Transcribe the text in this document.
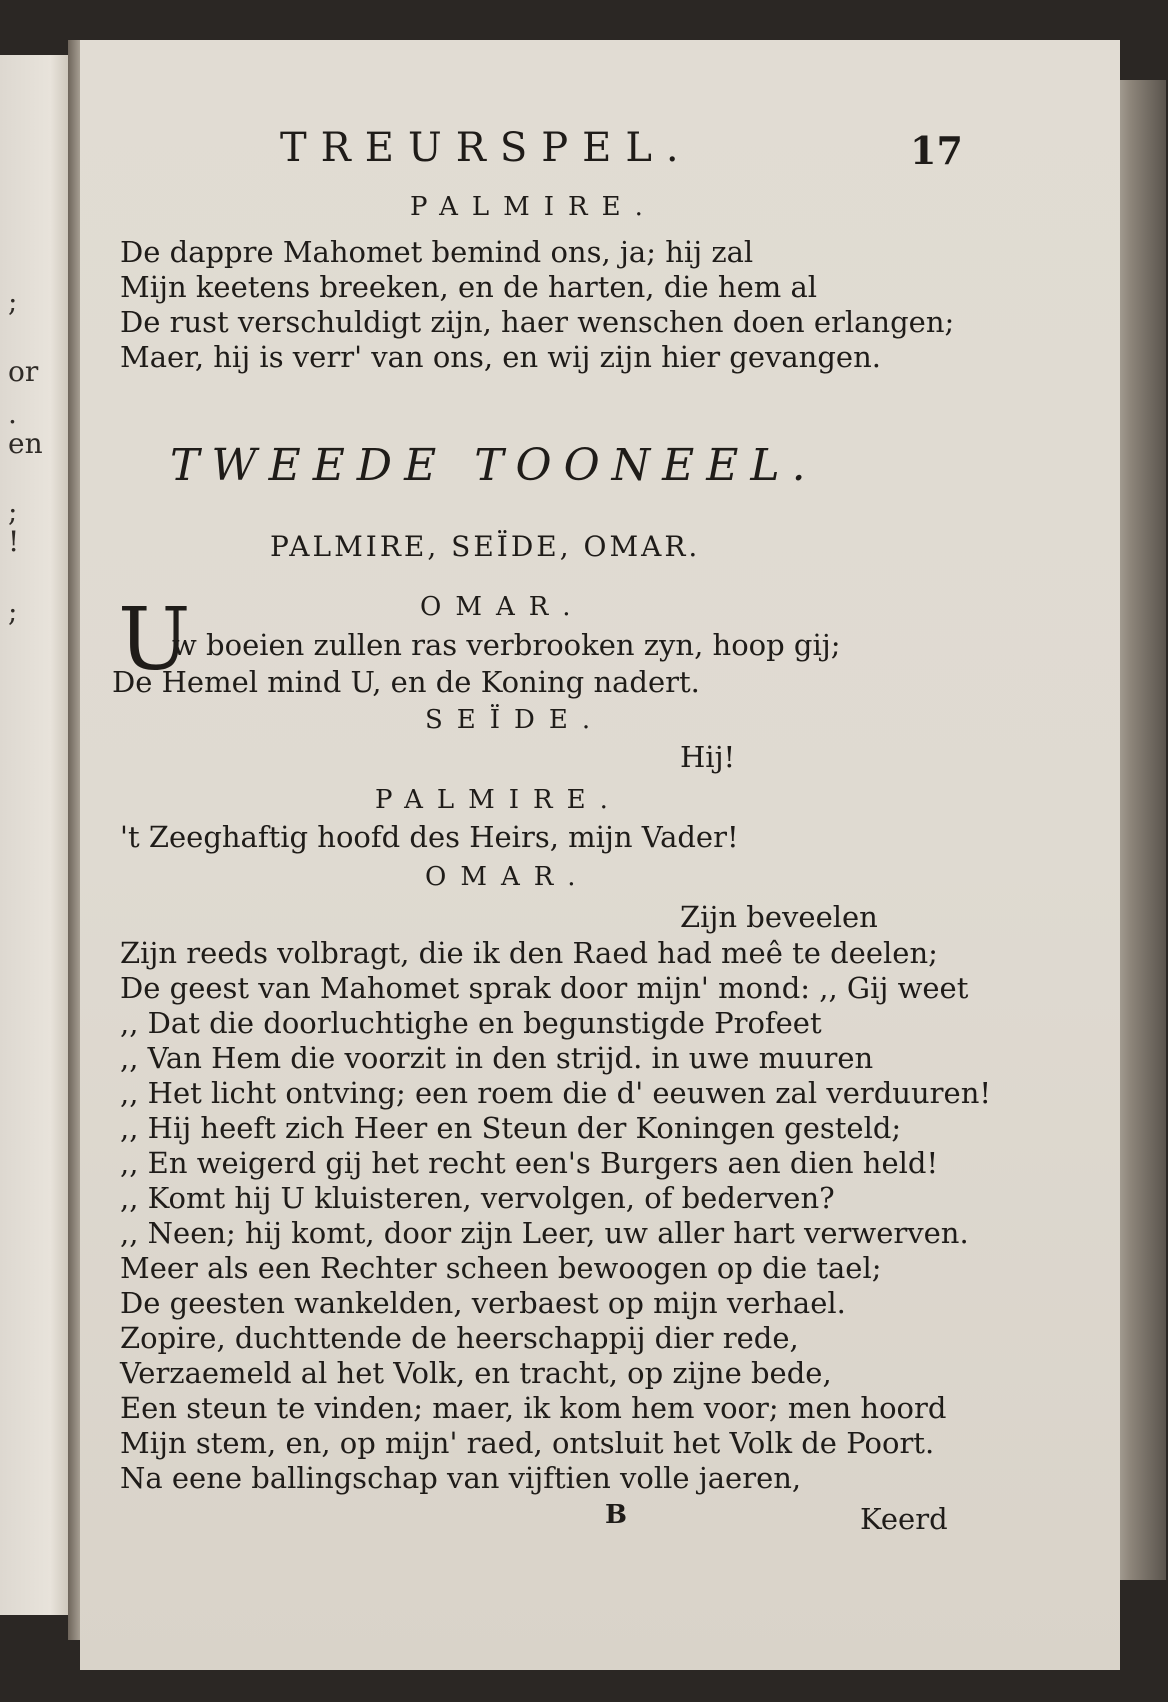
;
or
.
en
;
!
;
TREURSPEL.	17
PALMIRE.
De dappre Mahomet bemind ons, ja; hij zal
Mijn keetens breeken, en de harten, die hem al
De rust verschuldigt zijn, haer wenschen doen erlangen;
Maer, hij is verr' van ons, en wij zijn hier gevangen.
TWEEDE TOONEEL.
PALMIRE, SEÏDE, OMAR.
OMAR.
U
w boeien zullen ras verbrooken zyn, hoop gij;
De Hemel mind U, en de Koning nadert.
SEÏDE.
Hij!
PALMIRE.
't Zeeghaftig hoofd des Heirs, mijn Vader!
OMAR.
Zijn beveelen
Zijn reeds volbragt, die ik den Raed had meê te deelen;
De geest van Mahomet sprak door mijn' mond: ,, Gij weet
,, Dat die doorluchtighe en begunstigde Profeet
,, Van Hem die voorzit in den strijd. in uwe muuren
,, Het licht ontving; een roem die d' eeuwen zal verduuren!
,, Hij heeft zich Heer en Steun der Koningen gesteld;
,, En weigerd gij het recht een's Burgers aen dien held!
,, Komt hij U kluisteren, vervolgen, of bederven?
,, Neen; hij komt, door zijn Leer, uw aller hart verwerven.
Meer als een Rechter scheen bewoogen op die tael;
De geesten wankelden, verbaest op mijn verhael.
Zopire, duchttende de heerschappij dier rede,
Verzaemeld al het Volk, en tracht, op zijne bede,
Een steun te vinden; maer, ik kom hem voor; men hoord
Mijn stem, en, op mijn' raed, ontsluit het Volk de Poort.
Na eene ballingschap van vijftien volle jaeren,
B	Keerd
